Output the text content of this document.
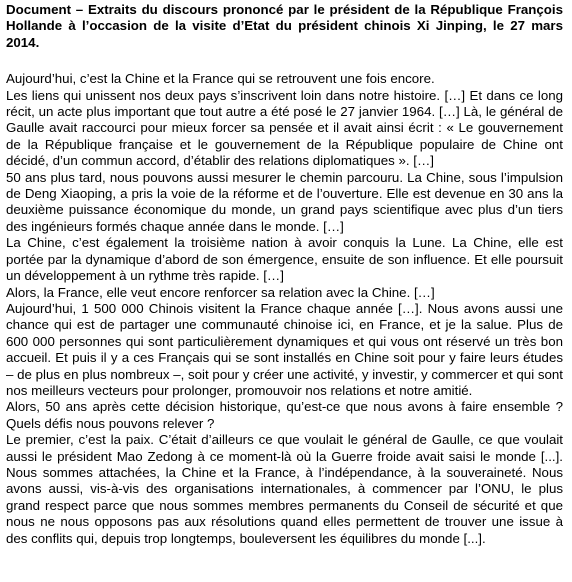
Document – Extraits du discours prononcé par le président de la République François Hollande à l’occasion de la visite d’Etat du président chinois Xi Jinping, le 27 mars 2014.

Aujourd’hui, c’est la Chine et la France qui se retrouvent une fois encore.

Les liens qui unissent nos deux pays s’inscrivent loin dans notre histoire. […] Et dans ce long récit, un acte plus important que tout autre a été posé le 27 janvier 1964. […] Là, le général de Gaulle avait raccourci pour mieux forcer sa pensée et il avait ainsi écrit : « Le gouvernement de la République française et le gouvernement de la République populaire de Chine ont décidé, d’un commun accord, d’établir des relations diplomatiques ». […]

50 ans plus tard, nous pouvons aussi mesurer le chemin parcouru. La Chine, sous l’impulsion de Deng Xiaoping, a pris la voie de la réforme et de l’ouverture. Elle est devenue en 30 ans la deuxième puissance économique du monde, un grand pays scientifique avec plus d’un tiers des ingénieurs formés chaque année dans le monde. […]

La Chine, c’est également la troisième nation à avoir conquis la Lune. La Chine, elle est portée par la dynamique d’abord de son émergence, ensuite de son influence. Et elle poursuit un développement à un rythme très rapide. […]

Alors, la France, elle veut encore renforcer sa relation avec la Chine. […]

Aujourd’hui, 1 500 000 Chinois visitent la France chaque année […]. Nous avons aussi une chance qui est de partager une communauté chinoise ici, en France, et je la salue. Plus de 600 000 personnes qui sont particulièrement dynamiques et qui vous ont réservé un très bon accueil. Et puis il y a ces Français qui se sont installés en Chine soit pour y faire leurs études – de plus en plus nombreux –, soit pour y créer une activité, y investir, y commercer et qui sont nos meilleurs vecteurs pour prolonger, promouvoir nos relations et notre amitié.

Alors, 50 ans après cette décision historique, qu’est-ce que nous avons à faire ensemble ? Quels défis nous pouvons relever ?

Le premier, c’est la paix. C’était d’ailleurs ce que voulait le général de Gaulle, ce que voulait aussi le président Mao Zedong à ce moment-là où la Guerre froide avait saisi le monde [...]. Nous sommes attachées, la Chine et la France, à l’indépendance, à la souveraineté. Nous avons aussi, vis-à-vis des organisations internationales, à commencer par l’ONU, le plus grand respect parce que nous sommes membres permanents du Conseil de sécurité et que nous ne nous opposons pas aux résolutions quand elles permettent de trouver une issue à des conflits qui, depuis trop longtemps, bouleversent les équilibres du monde [...].
